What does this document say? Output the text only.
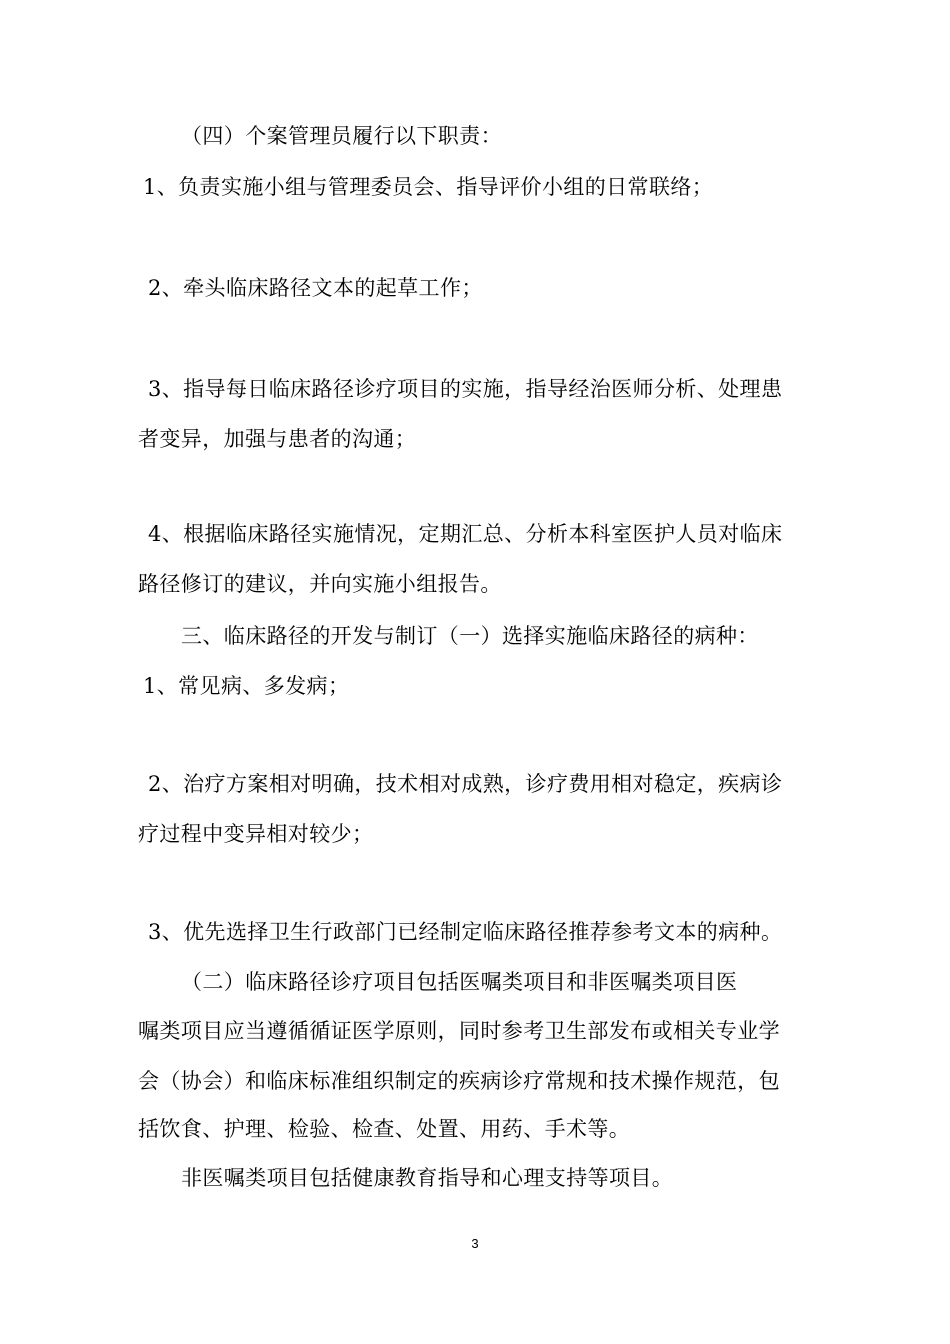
（四）个案管理员履行以下职责：
1、负责实施小组与管理委员会、指导评价小组的日常联络；
2、牵头临床路径文本的起草工作；
3、指导每日临床路径诊疗项目的实施，指导经治医师分析、处理患
者变异，加强与患者的沟通；
4、根据临床路径实施情况，定期汇总、分析本科室医护人员对临床
路径修订的建议，并向实施小组报告。
三、临床路径的开发与制订（一）选择实施临床路径的病种：
1、常见病、多发病；
2、治疗方案相对明确，技术相对成熟，诊疗费用相对稳定，疾病诊
疗过程中变异相对较少；
3、优先选择卫生行政部门已经制定临床路径推荐参考文本的病种。
（二）临床路径诊疗项目包括医嘱类项目和非医嘱类项目医
嘱类项目应当遵循循证医学原则，同时参考卫生部发布或相关专业学
会（协会）和临床标准组织制定的疾病诊疗常规和技术操作规范，包
括饮食、护理、检验、检查、处置、用药、手术等。
非医嘱类项目包括健康教育指导和心理支持等项目。
3
